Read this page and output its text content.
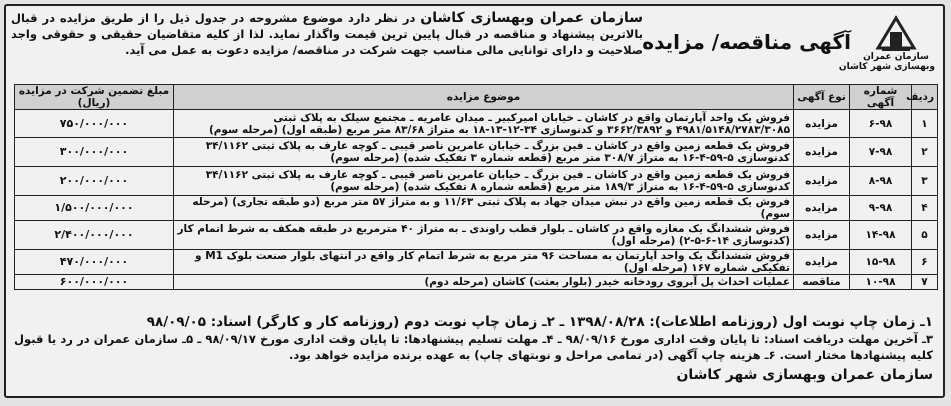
سازمان عمران
وبهسازی شهر کاشان
آگهی مناقصه/ مزایده
سازمان عمران وبهسازی کاشان در نظر دارد موضوع مشروحه در جدول ذیل را از طریق مزایده در قبال بالاترین پیشنهاد و مناقصه در قبال پایین ترین قیمت واگذار نماید. لذا از کلیه متقاضیان حقیقی و حقوقی واجد صلاحیت و دارای توانایی مالی مناسب جهت شرکت در مناقصه/ مزایده دعوت به عمل می آید.
ردیف	شماره آگهی	نوع آگهی	موضوع مزایده	مبلغ تضمین شرکت در مزایده (ریال)
۱	۶-۹۸	مزایده	فروش یک واحد آپارتمان واقع در کاشان ـ خیابان امیرکبیر ـ میدان عامریه ـ مجتمع سیلک به پلاک ثبتی ۴۹۸۱/۵۱۴۸/۲۷۸۳/۳۰۸۵ و ۳۶۶۲/۳۸۹۲ و کدنوسازی ۳۴-۱۲-۱۳-۱۸ به متراژ ۸۳/۶۸ متر مربع (طبقه اول) (مرحله سوم)	۷۵۰/۰۰۰/۰۰۰
۲	۷-۹۸	مزایده	فروش یک قطعه زمین واقع در کاشان ـ فین بزرگ ـ خیابان عامرین ناصر قیبی ـ کوچه عارف به پلاک ثبتی ۳۴/۱۱۶۲ کدنوسازی ۵-۵۹-۴-۱۶ به متراژ ۳۰۸/۷ متر مربع (قطعه شماره ۳ تفکیک شده) (مرحله سوم)	۳۰۰/۰۰۰/۰۰۰
۳	۸-۹۸	مزایده	فروش یک قطعه زمین واقع در کاشان ـ فین بزرگ ـ خیابان عامرین ناصر قیبی ـ کوچه عارف به پلاک ثبتی ۳۴/۱۱۶۲ کدنوسازی ۵-۵۹-۴-۱۶ به متراژ ۱۸۹/۳ متر مربع (قطعه شماره ۸ تفکیک شده) (مرحله سوم)	۲۰۰/۰۰۰/۰۰۰
۴	۹-۹۸	مزایده	فروش یک قطعه زمین واقع در نبش میدان جهاد به پلاک ثبتی ۱۱/۶۳ و به متراژ ۵۷ متر مربع (دو طبقه تجاری) (مرحله سوم)	۱/۵۰۰/۰۰۰/۰۰۰
۵	۱۴-۹۸	مزایده	فروش ششدانگ یک مغازه واقع در کاشان ـ بلوار قطب راوندی ـ به متراژ ۴۰ مترمربع در طبقه همکف به شرط اتمام کار (کدنوسازی ۱۴-۶-۵-۲) (مرحله اول)	۲/۴۰۰/۰۰۰/۰۰۰
۶	۱۵-۹۸	مزایده	فروش ششدانگ یک واحد آپارتمان به مساحت ۹۶ متر مربع به شرط اتمام کار واقع در انتهای بلوار صنعت بلوک M1 و تفکیکی شماره ۱۶۷ (مرحله اول)	۴۷۰/۰۰۰/۰۰۰
۷	۱۰-۹۸	مناقصه	عملیات احداث پل آبروی رودخانه خیدر (بلوار بعثت) کاشان (مرحله دوم)	۶۰۰/۰۰۰/۰۰۰
۱ـ زمان چاپ نوبت اول (روزنامه اطلاعات): ۱۳۹۸/۰۸/۲۸ ـ ۲ـ زمان چاپ نوبت دوم (روزنامه کار و کارگر) اسناد: ۹۸/۰۹/۰۵
۳ـ آخرین مهلت دریافت اسناد: تا پایان وقت اداری مورخ ۹۸/۰۹/۱۶ ـ ۴ـ مهلت تسلیم پیشنهادها: تا پایان وقت اداری مورخ ۹۸/۰۹/۱۷ ـ ۵ـ سازمان عمران در رد یا قبول کلیه پیشنهادها مختار است. ۶ـ هزینه چاپ آگهی (در تمامی مراحل و نوبتهای چاپ) به عهده برنده مزایده خواهد بود.
سازمان عمران وبهسازی شهر کاشان
